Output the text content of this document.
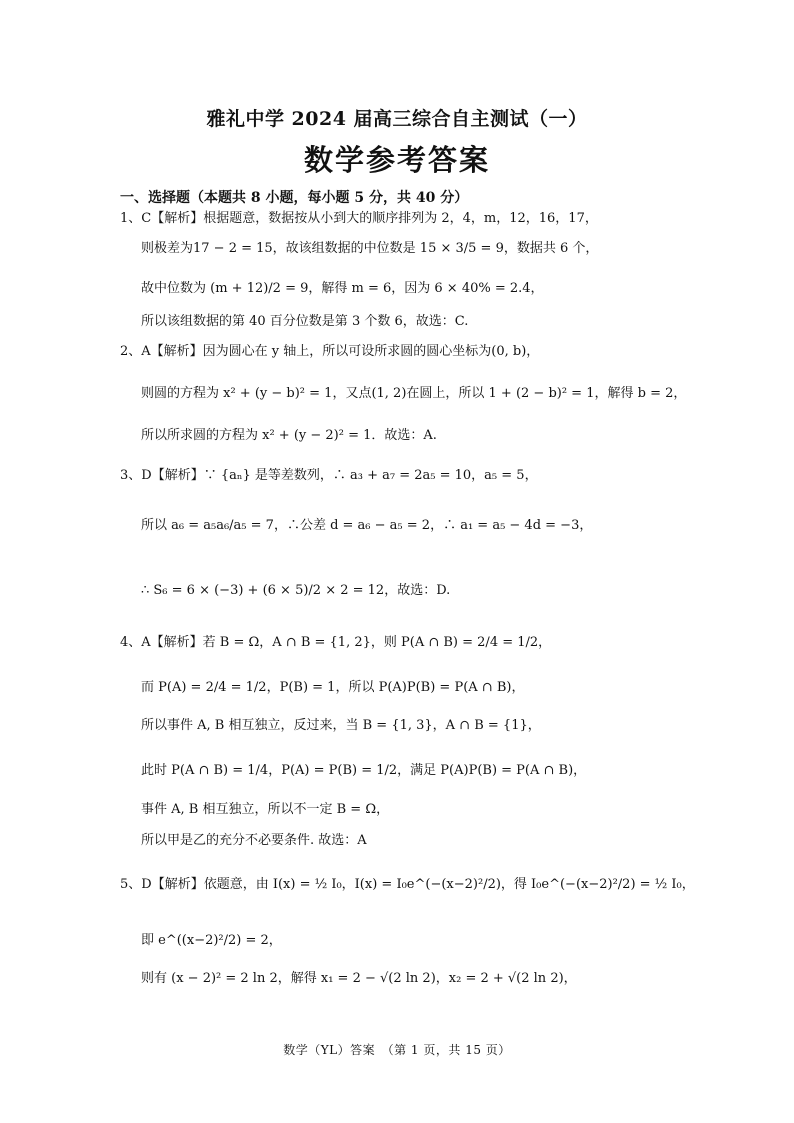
雅礼中学 2024 届高三综合自主测试（一）
数学参考答案
一、选择题（本题共 8 小题，每小题 5 分，共 40 分）
1、C【解析】根据题意，数据按从小到大的顺序排列为 2，4，m，12，16，17，
则极差为17 − 2 = 15，故该组数据的中位数是 15 × 3/5 = 9，数据共 6 个，
故中位数为 (m + 12)/2 = 9，解得 m = 6，因为 6 × 40% = 2.4，
所以该组数据的第 40 百分位数是第 3 个数 6，故选：C.
2、A【解析】因为圆心在 y 轴上，所以可设所求圆的圆心坐标为(0, b)，
则圆的方程为 x² + (y − b)² = 1，又点(1, 2)在圆上，所以 1 + (2 − b)² = 1，解得 b = 2，
所以所求圆的方程为 x² + (y − 2)² = 1．故选：A.
3、D【解析】∵ {aₙ} 是等差数列，∴ a₃ + a₇ = 2a₅ = 10，a₅ = 5，
所以 a₆ = a₅a₆/a₅ = 7，∴公差 d = a₆ − a₅ = 2，∴ a₁ = a₅ − 4d = −3，
∴ S₆ = 6 × (−3) + (6 × 5)/2 × 2 = 12，故选：D.
4、A【解析】若 B = Ω，A ∩ B = {1, 2}，则 P(A ∩ B) = 2/4 = 1/2，
而 P(A) = 2/4 = 1/2，P(B) = 1，所以 P(A)P(B) = P(A ∩ B)，
所以事件 A, B 相互独立，反过来，当 B = {1, 3}，A ∩ B = {1}，
此时 P(A ∩ B) = 1/4，P(A) = P(B) = 1/2，满足 P(A)P(B) = P(A ∩ B)，
事件 A, B 相互独立，所以不一定 B = Ω，
所以甲是乙的充分不必要条件. 故选：A
5、D【解析】依题意，由 I(x) = ½ I₀，I(x) = I₀e^(−(x−2)²/2)，得 I₀e^(−(x−2)²/2) = ½ I₀，
即 e^((x−2)²/2) = 2，
则有 (x − 2)² = 2 ln 2，解得 x₁ = 2 − √(2 ln 2)，x₂ = 2 + √(2 ln 2)，
数学（YL）答案　（第 1 页，共 15 页）
